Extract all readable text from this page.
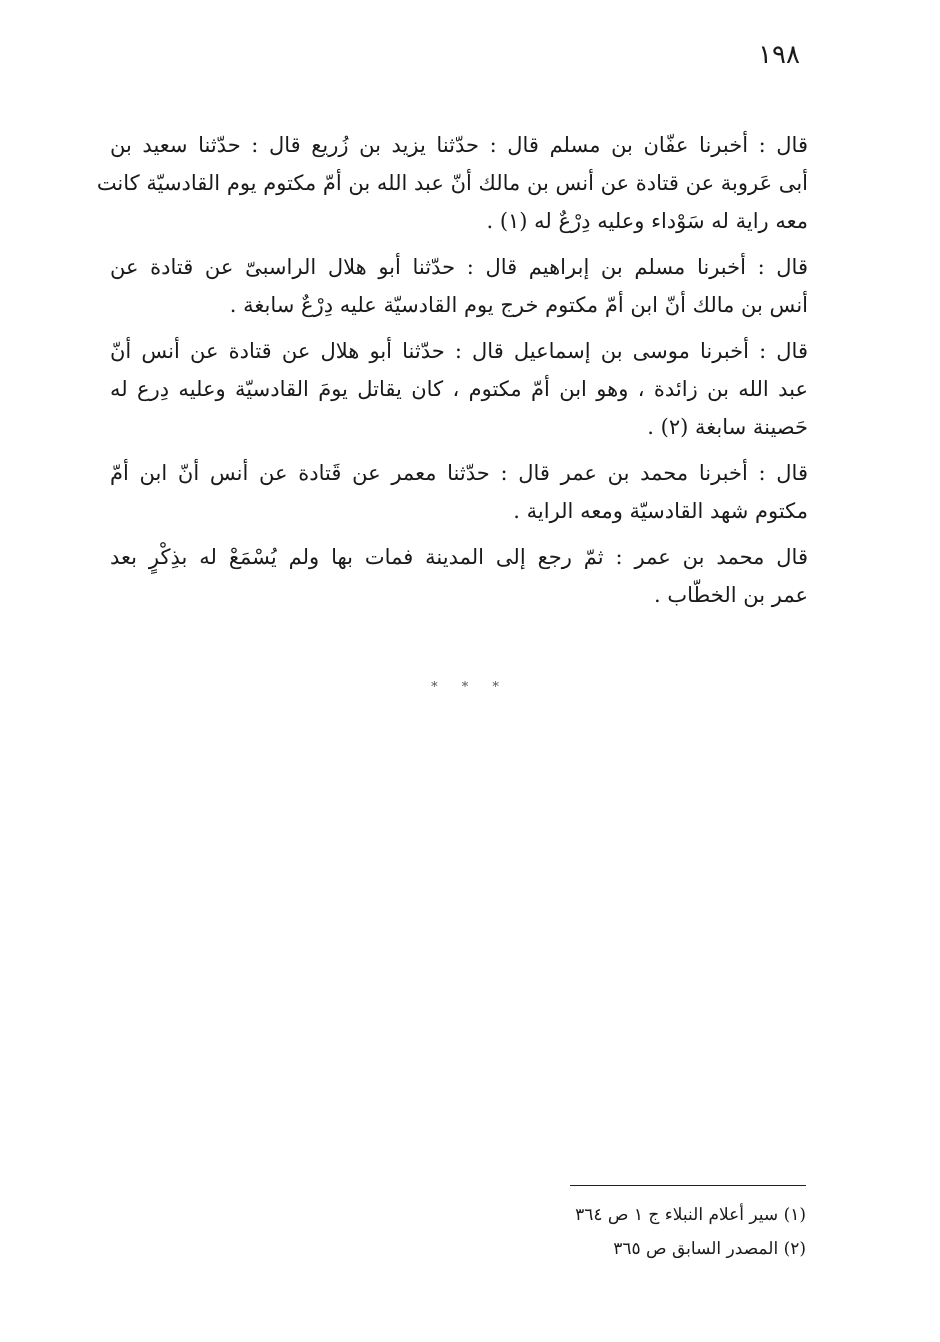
١٩٨
قال : أخبرنا عفّان بن مسلم قال : حدّثنا يزيد بن زُريع قال : حدّثنا سعيد بن
أبى عَروبة عن قتادة عن أنس بن مالك أنّ عبد الله بن أمّ مكتوم يوم القادسيّة كانت
معه راية له سَوْداء وعليه دِرْعٌ له (١) .
قال : أخبرنا مسلم بن إبراهيم قال : حدّثنا أبو هلال الراسبىّ عن قتادة عن
أنس بن مالك أنّ ابن أمّ مكتوم خرج يوم القادسيّة عليه دِرْعٌ سابغة .
قال : أخبرنا موسى بن إسماعيل قال : حدّثنا أبو هلال عن قتادة عن أنس أنّ
عبد الله بن زائدة ، وهو ابن أمّ مكتوم ، كان يقاتل يومَ القادسيّة وعليه دِرع له
حَصينة سابغة (٢) .
قال : أخبرنا محمد بن عمر قال : حدّثنا معمر عن قَتادة عن أنس أنّ ابن أمّ
مكتوم شهد القادسيّة ومعه الراية .
قال محمد بن عمر : ثمّ رجع إلى المدينة فمات بها ولم يُسْمَعْ له بذِكْرٍ بعد
عمر بن الخطّاب .
* * *
(١) سير أعلام النبلاء ج ١ ص ٣٦٤
(٢) المصدر السابق ص ٣٦٥
